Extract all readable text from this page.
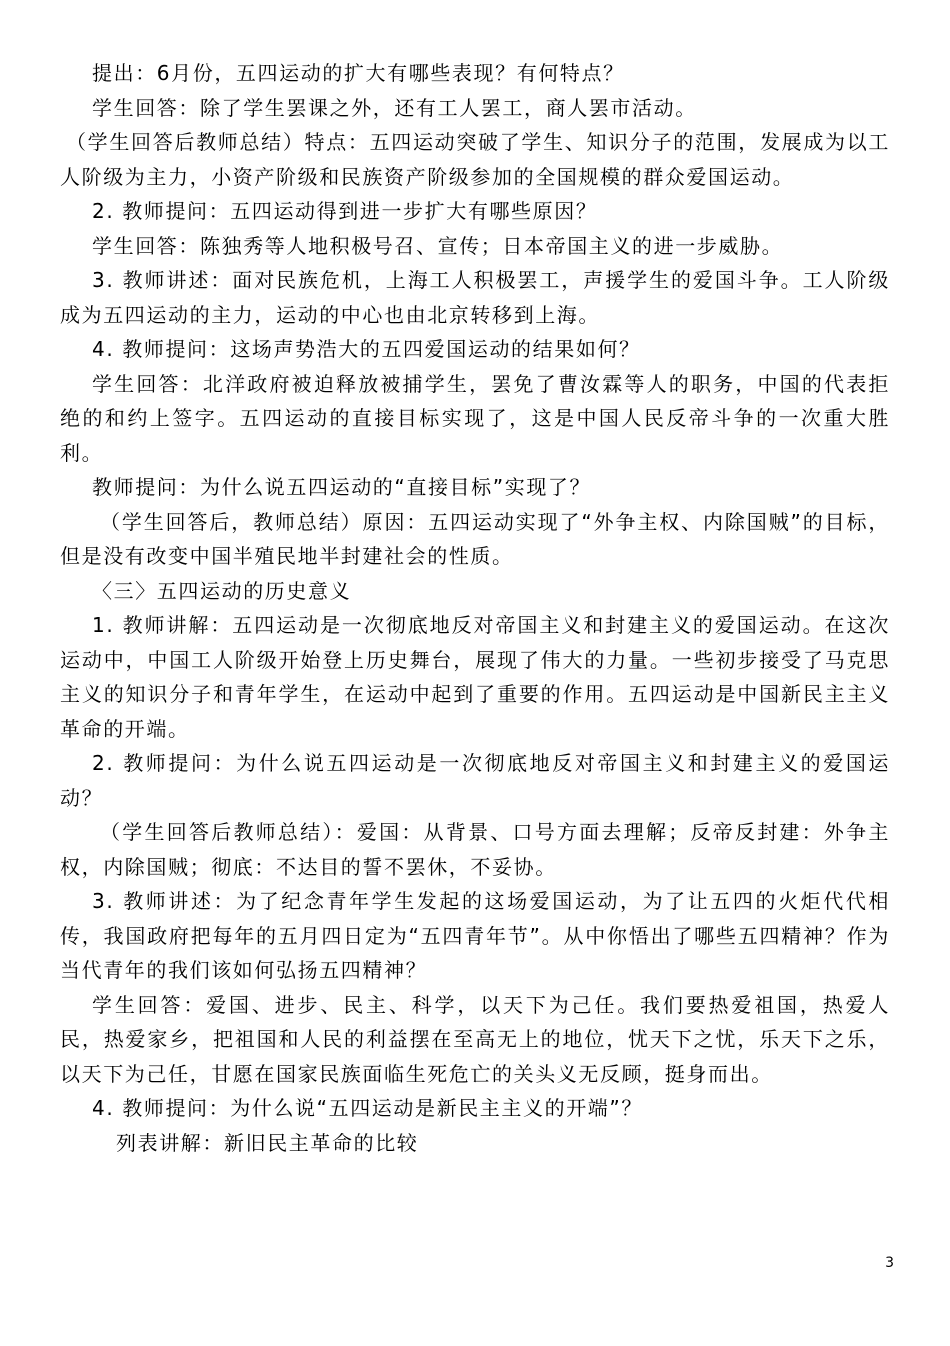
提出：6月份，五四运动的扩大有哪些表现？有何特点？

学生回答：除了学生罢课之外，还有工人罢工，商人罢市活动。

（学生回答后教师总结）特点：五四运动突破了学生、知识分子的范围，发展成为以工人阶级为主力，小资产阶级和民族资产阶级参加的全国规模的群众爱国运动。

2. 教师提问：五四运动得到进一步扩大有哪些原因？

学生回答：陈独秀等人地积极号召、宣传；日本帝国主义的进一步威胁。

3. 教师讲述：面对民族危机，上海工人积极罢工，声援学生的爱国斗争。工人阶级成为五四运动的主力，运动的中心也由北京转移到上海。

4. 教师提问：这场声势浩大的五四爱国运动的结果如何？

学生回答：北洋政府被迫释放被捕学生，罢免了曹汝霖等人的职务，中国的代表拒绝的和约上签字。五四运动的直接目标实现了，这是中国人民反帝斗争的一次重大胜利。

教师提问：为什么说五四运动的“直接目标”实现了？

（学生回答后，教师总结）原因：五四运动实现了“外争主权、内除国贼”的目标，但是没有改变中国半殖民地半封建社会的性质。

〈三〉五四运动的历史意义

1. 教师讲解：五四运动是一次彻底地反对帝国主义和封建主义的爱国运动。在这次运动中，中国工人阶级开始登上历史舞台，展现了伟大的力量。一些初步接受了马克思主义的知识分子和青年学生，在运动中起到了重要的作用。五四运动是中国新民主主义革命的开端。

2. 教师提问：为什么说五四运动是一次彻底地反对帝国主义和封建主义的爱国运动？

（学生回答后教师总结）：爱国：从背景、口号方面去理解；反帝反封建：外争主权，内除国贼；彻底：不达目的誓不罢休，不妥协。

3. 教师讲述：为了纪念青年学生发起的这场爱国运动，为了让五四的火炬代代相传，我国政府把每年的五月四日定为“五四青年节”。从中你悟出了哪些五四精神？作为当代青年的我们该如何弘扬五四精神？

学生回答：爱国、进步、民主、科学，以天下为己任。我们要热爱祖国，热爱人民，热爱家乡，把祖国和人民的利益摆在至高无上的地位，忧天下之忧，乐天下之乐，以天下为己任，甘愿在国家民族面临生死危亡的关头义无反顾，挺身而出。

4. 教师提问：为什么说“五四运动是新民主主义的开端”？

列表讲解：新旧民主革命的比较

3
